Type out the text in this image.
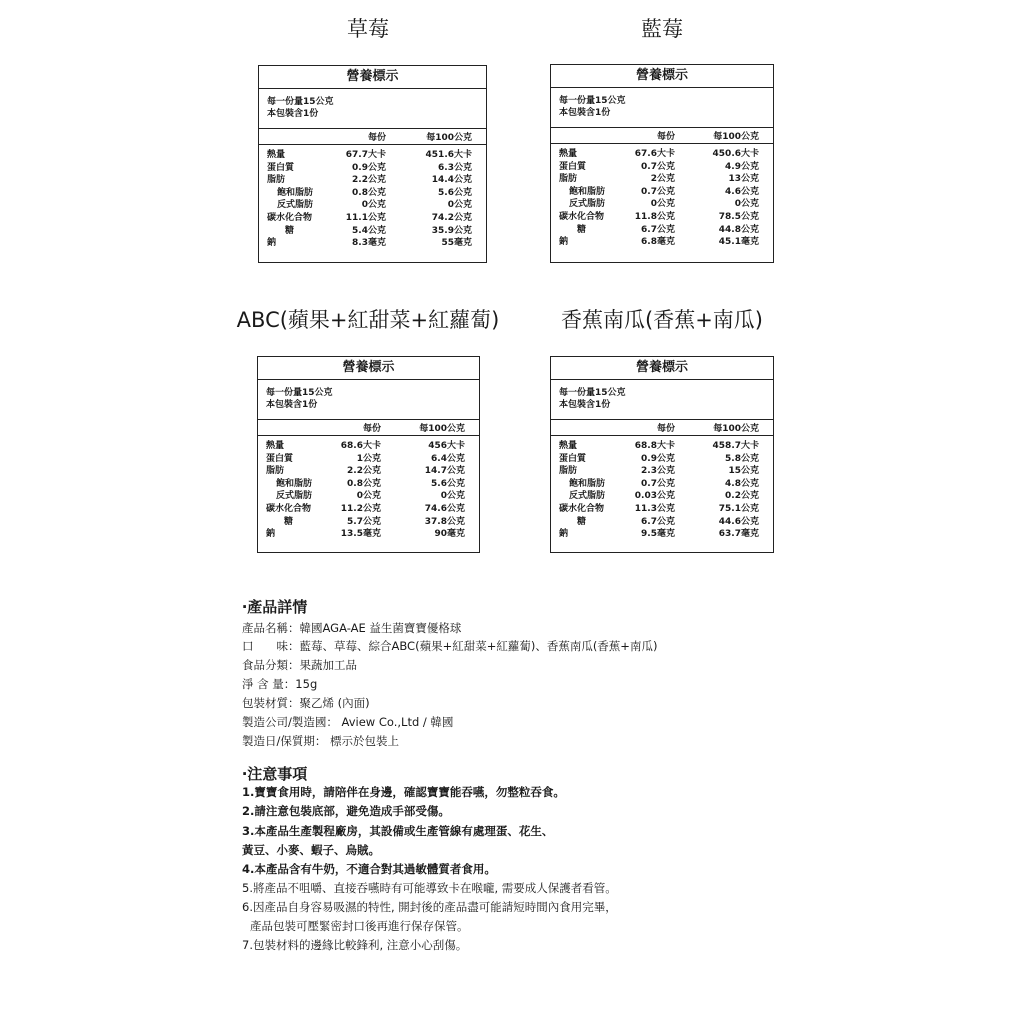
草莓	藍莓
ABC(蘋果+紅甜菜+紅蘿蔔)	香蕉南瓜(香蕉+南瓜)
營養標示
每一份量15公克
本包裝含1份
每份	每100公克
熱量	67.7大卡	451.6大卡
蛋白質	0.9公克	6.3公克
脂肪	2.2公克	14.4公克
飽和脂肪	0.8公克	5.6公克
反式脂肪	0公克	0公克
碳水化合物	11.1公克	74.2公克
糖	5.4公克	35.9公克
鈉	8.3毫克	55毫克
營養標示
每一份量15公克
本包裝含1份
每份	每100公克
熱量	67.6大卡	450.6大卡
蛋白質	0.7公克	4.9公克
脂肪	2公克	13公克
飽和脂肪	0.7公克	4.6公克
反式脂肪	0公克	0公克
碳水化合物	11.8公克	78.5公克
糖	6.7公克	44.8公克
鈉	6.8毫克	45.1毫克
營養標示
每一份量15公克
本包裝含1份
每份	每100公克
熱量	68.6大卡	456大卡
蛋白質	1公克	6.4公克
脂肪	2.2公克	14.7公克
飽和脂肪	0.8公克	5.6公克
反式脂肪	0公克	0公克
碳水化合物	11.2公克	74.6公克
糖	5.7公克	37.8公克
鈉	13.5毫克	90毫克
營養標示
每一份量15公克
本包裝含1份
每份	每100公克
熱量	68.8大卡	458.7大卡
蛋白質	0.9公克	5.8公克
脂肪	2.3公克	15公克
飽和脂肪	0.7公克	4.8公克
反式脂肪	0.03公克	0.2公克
碳水化合物	11.3公克	75.1公克
糖	6.7公克	44.6公克
鈉	9.5毫克	63.7毫克
‧產品詳情
產品名稱：韓國AGA-AE 益生菌寶寶優格球
口　　味：藍莓、草莓、綜合ABC(蘋果+紅甜菜+紅蘿蔔)、香蕉南瓜(香蕉+南瓜)
食品分類：果蔬加工品
淨 含 量：15g
包裝材質：聚乙烯 (內面)
製造公司/製造國： Aview Co.,Ltd / 韓國
製造日/保質期： 標示於包裝上
‧注意事項
1.寶寶食用時，請陪伴在身邊，確認寶寶能吞嚥，勿整粒吞食。
2.請注意包裝底部，避免造成手部受傷。
3.本產品生產製程廠房，其設備或生產管線有處理蛋、花生、
黃豆、小麥、蝦子、烏賊。
4.本產品含有牛奶，不適合對其過敏體質者食用。
5.將產品不咀嚼、直接吞嚥時有可能導致卡在喉嚨, 需要成人保護者看管。
6.因產品自身容易吸濕的特性, 開封後的產品盡可能請短時間內食用完畢，
產品包裝可壓緊密封口後再進行保存保管。
7.包裝材料的邊緣比較鋒利, 注意小心刮傷。
